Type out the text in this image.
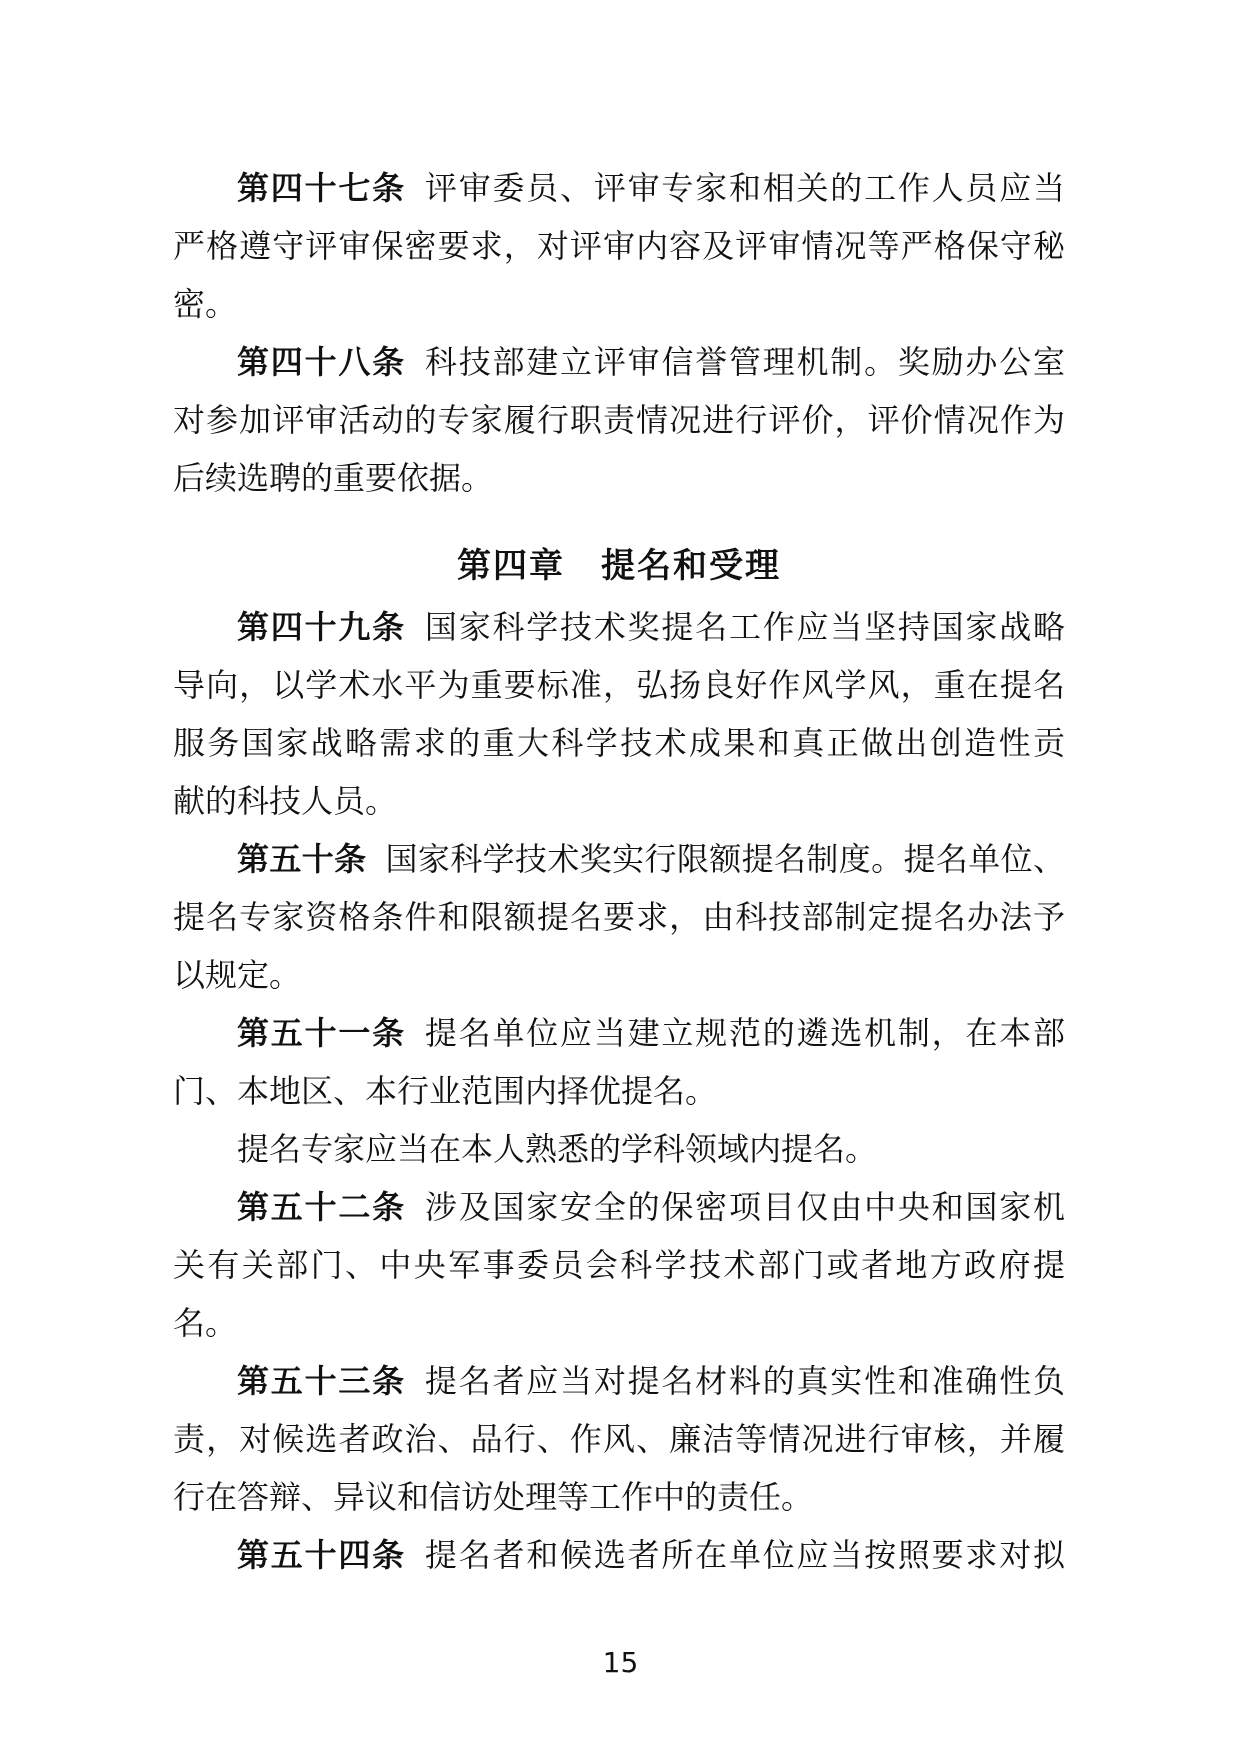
第四十七条 评审委员、评审专家和相关的工作人员应当
严格遵守评审保密要求，对评审内容及评审情况等严格保守秘
密。
第四十八条 科技部建立评审信誉管理机制。奖励办公室
对参加评审活动的专家履行职责情况进行评价，评价情况作为
后续选聘的重要依据。
第四章　提名和受理
第四十九条 国家科学技术奖提名工作应当坚持国家战略
导向，以学术水平为重要标准，弘扬良好作风学风，重在提名
服务国家战略需求的重大科学技术成果和真正做出创造性贡
献的科技人员。
第五十条 国家科学技术奖实行限额提名制度。提名单位、
提名专家资格条件和限额提名要求，由科技部制定提名办法予
以规定。
第五十一条 提名单位应当建立规范的遴选机制，在本部
门、本地区、本行业范围内择优提名。
提名专家应当在本人熟悉的学科领域内提名。
第五十二条 涉及国家安全的保密项目仅由中央和国家机
关有关部门、中央军事委员会科学技术部门或者地方政府提
名。
第五十三条 提名者应当对提名材料的真实性和准确性负
责，对候选者政治、品行、作风、廉洁等情况进行审核，并履
行在答辩、异议和信访处理等工作中的责任。
第五十四条 提名者和候选者所在单位应当按照要求对拟
15
